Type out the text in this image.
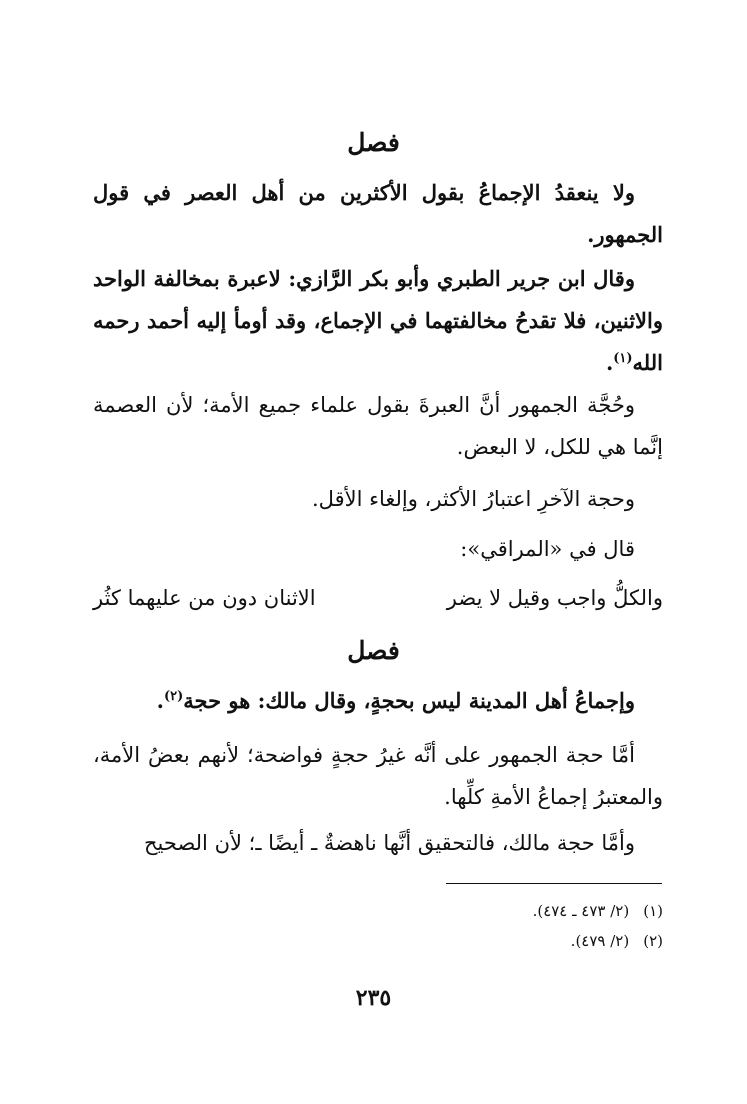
فصل
ولا ينعقدُ الإجماعُ بقول الأكثرين من أهل العصر في قول الجمهور.
وقال ابن جرير الطبري وأبو بكر الرَّازي: لاعبرة بمخالفة الواحد والاثنين، فلا تقدحُ مخالفتهما في الإجماع، وقد أومأ إليه أحمد رحمه الله$^{(١)}$.
وحُجَّة الجمهور أنَّ العبرةَ بقول علماء جميع الأمة؛ لأن العصمة إنَّما هي للكل، لا البعض.
وحجة الآخرِ اعتبارُ الأكثر، وإلغاء الأقل.
قال في «المراقي»:
والكلُّ واجب وقيل لا يضر
الاثنان دون من عليهما كثُر
فصل
وإجماعُ أهل المدينة ليس بحجةٍ، وقال مالك: هو حجة$^{(٢)}$.
أمَّا حجة الجمهور على أنَّه غيرُ حجةٍ فواضحة؛ لأنهم بعضُ الأمة، والمعتبرُ إجماعُ الأمةِ كلِّها.
وأمَّا حجة مالك، فالتحقيق أنَّها ناهضةٌ ـ أيضًا ـ؛ لأن الصحيح
(١)(٢/ ٤٧٣ ـ ٤٧٤).
(٢)(٢/ ٤٧٩).
٢٣٥
